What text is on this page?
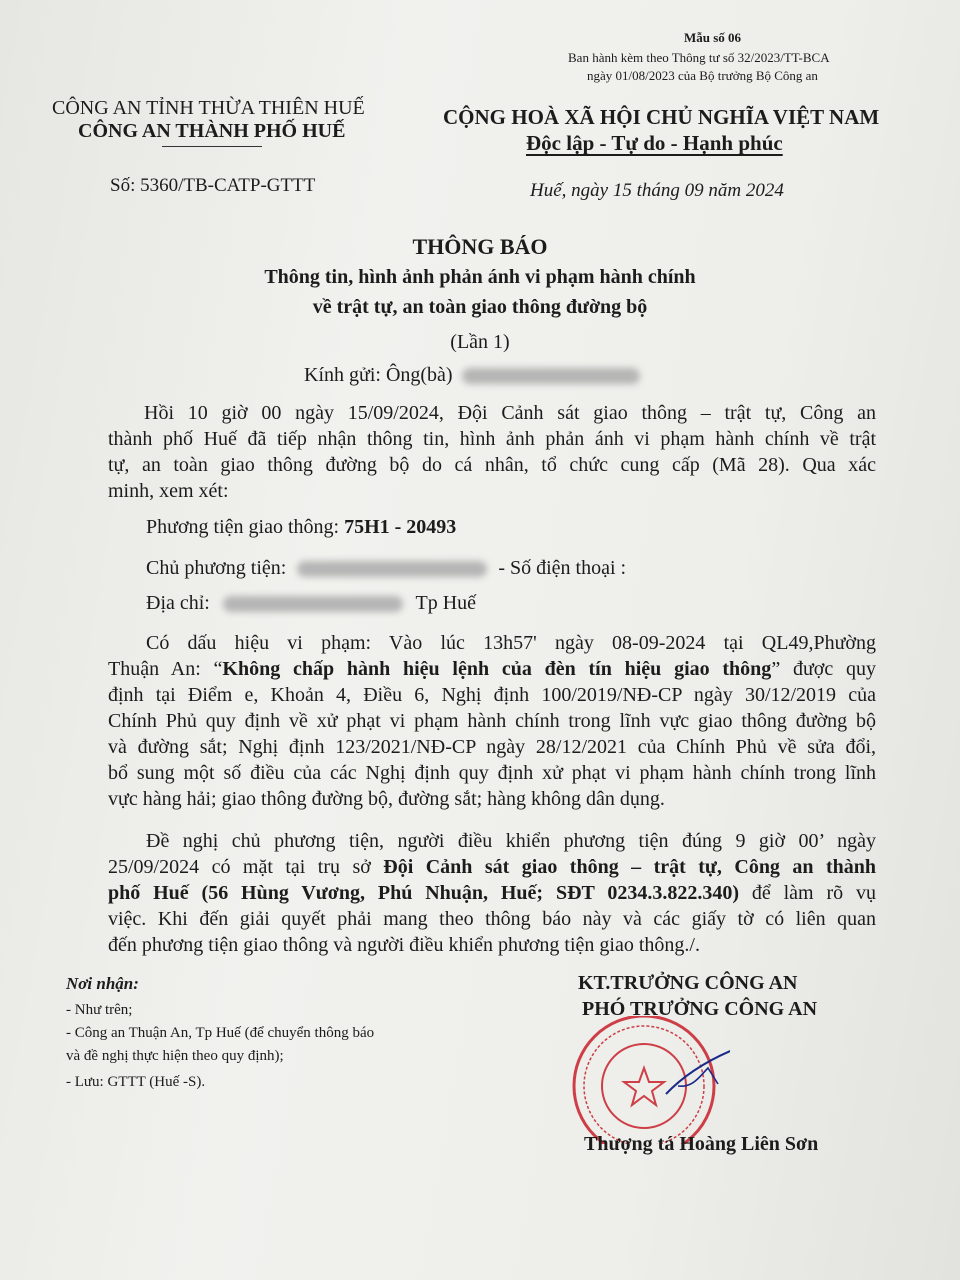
Mẫu số 06
Ban hành kèm theo Thông tư số 32/2023/TT-BCA
ngày 01/08/2023 của Bộ trưởng Bộ Công an
CÔNG AN TỈNH THỪA THIÊN HUẾ
CÔNG AN THÀNH PHỐ HUẾ
CỘNG HOÀ XÃ HỘI CHỦ NGHĨA VIỆT NAM
Độc lập - Tự do - Hạnh phúc
Số: 5360/TB-CATP-GTTT	Huế, ngày 15 tháng 09 năm 2024
THÔNG BÁO
Thông tin, hình ảnh phản ánh vi phạm hành chính
về trật tự, an toàn giao thông đường bộ
(Lần 1)
Kính gửi: Ông(bà)
Hồi 10 giờ 00 ngày 15/09/2024, Đội Cảnh sát giao thông – trật tự, Công an
thành phố Huế đã tiếp nhận thông tin, hình ảnh phản ánh vi phạm hành chính về trật
tự, an toàn giao thông đường bộ do cá nhân, tổ chức cung cấp (Mã 28). Qua xác
minh, xem xét:
Phương tiện giao thông: 75H1 - 20493
Chủ phương tiện:	- Số điện thoại :
Địa chỉ:	Tp Huế
Có dấu hiệu vi phạm: Vào lúc 13h57' ngày 08-09-2024 tại QL49,Phường
Thuận An: “Không chấp hành hiệu lệnh của đèn tín hiệu giao thông” được quy
định tại Điểm e, Khoản 4, Điều 6, Nghị định 100/2019/NĐ-CP ngày 30/12/2019 của
Chính Phủ quy định về xử phạt vi phạm hành chính trong lĩnh vực giao thông đường bộ
và đường sắt; Nghị định 123/2021/NĐ-CP ngày 28/12/2021 của Chính Phủ về sửa đổi,
bổ sung một số điều của các Nghị định quy định xử phạt vi phạm hành chính trong lĩnh
vực hàng hải; giao thông đường bộ, đường sắt; hàng không dân dụng.
Đề nghị chủ phương tiện, người điều khiển phương tiện đúng 9 giờ 00’ ngày
25/09/2024 có mặt tại trụ sở Đội Cảnh sát giao thông – trật tự, Công an thành
phố Huế (56 Hùng Vương, Phú Nhuận, Huế; SĐT 0234.3.822.340) để làm rõ vụ
việc. Khi đến giải quyết phải mang theo thông báo này và các giấy tờ có liên quan
đến phương tiện giao thông và người điều khiển phương tiện giao thông./.
Nơi nhận:
- Như trên;
- Công an Thuận An, Tp Huế (để chuyển thông báo
và đề nghị thực hiện theo quy định);
- Lưu: GTTT (Huế -S).
KT.TRƯỞNG CÔNG AN
PHÓ TRƯỞNG CÔNG AN
Thượng tá Hoàng Liên Sơn
